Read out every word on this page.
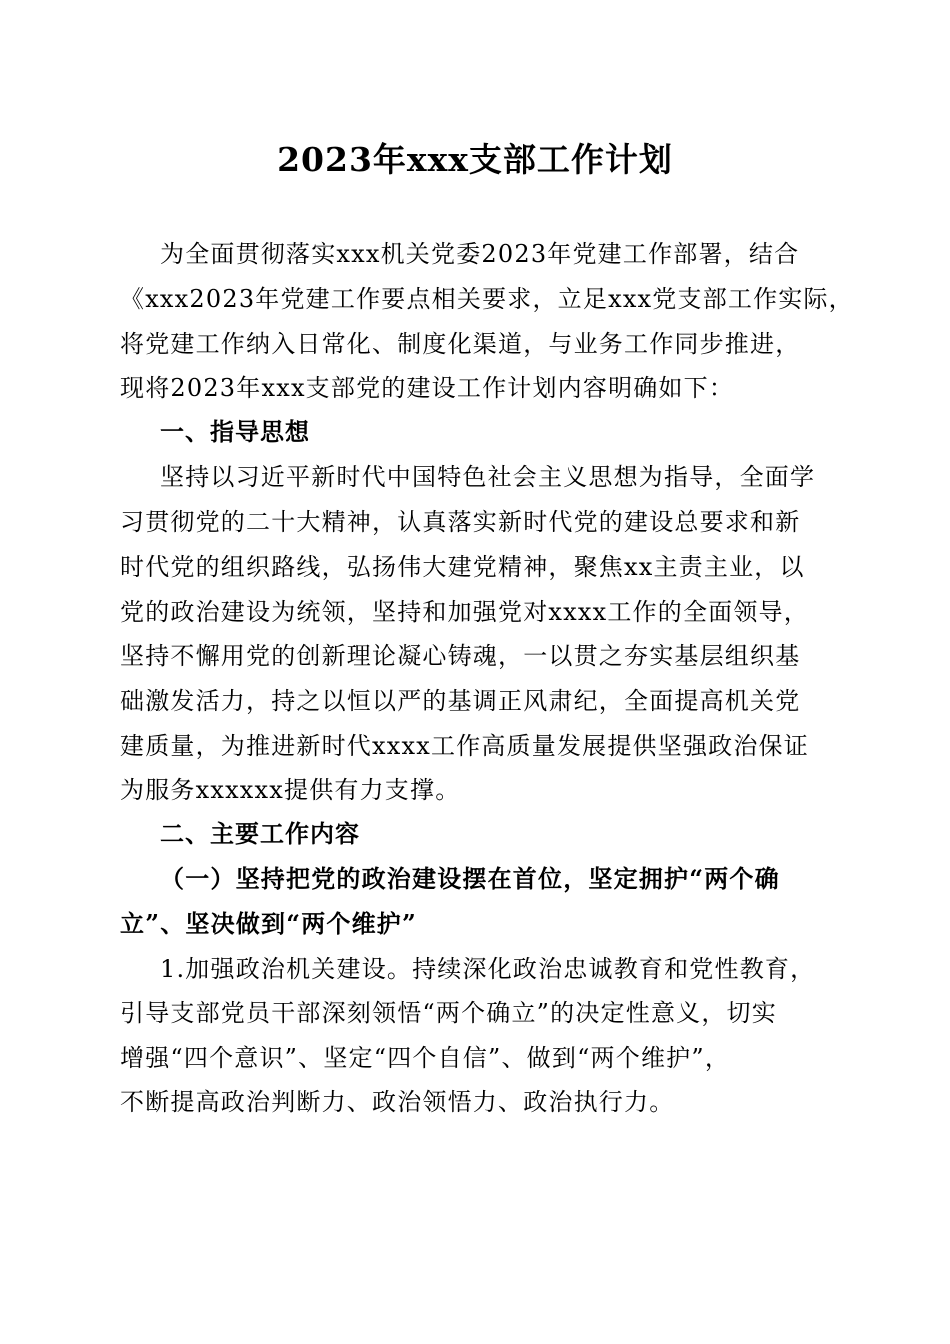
2023年xxx支部工作计划
为全面贯彻落实xxx机关党委2023年党建工作部署，结合
《xxx2023年党建工作要点相关要求，立足xxx党支部工作实际，
将党建工作纳入日常化、制度化渠道，与业务工作同步推进，
现将2023年xxx支部党的建设工作计划内容明确如下：
一、指导思想
坚持以习近平新时代中国特色社会主义思想为指导，全面学
习贯彻党的二十大精神，认真落实新时代党的建设总要求和新
时代党的组织路线，弘扬伟大建党精神，聚焦xx主责主业，以
党的政治建设为统领，坚持和加强党对xxxx工作的全面领导，
坚持不懈用党的创新理论凝心铸魂，一以贯之夯实基层组织基
础激发活力，持之以恒以严的基调正风肃纪，全面提高机关党
建质量，为推进新时代xxxx工作高质量发展提供坚强政治保证
为服务xxxxxx提供有力支撑。
二、主要工作内容
（一）坚持把党的政治建设摆在首位，坚定拥护“两个确
立”、坚决做到“两个维护”
1.加强政治机关建设。持续深化政治忠诚教育和党性教育，
引导支部党员干部深刻领悟“两个确立”的决定性意义，切实
增强“四个意识”、坚定“四个自信”、做到“两个维护”，
不断提高政治判断力、政治领悟力、政治执行力。
